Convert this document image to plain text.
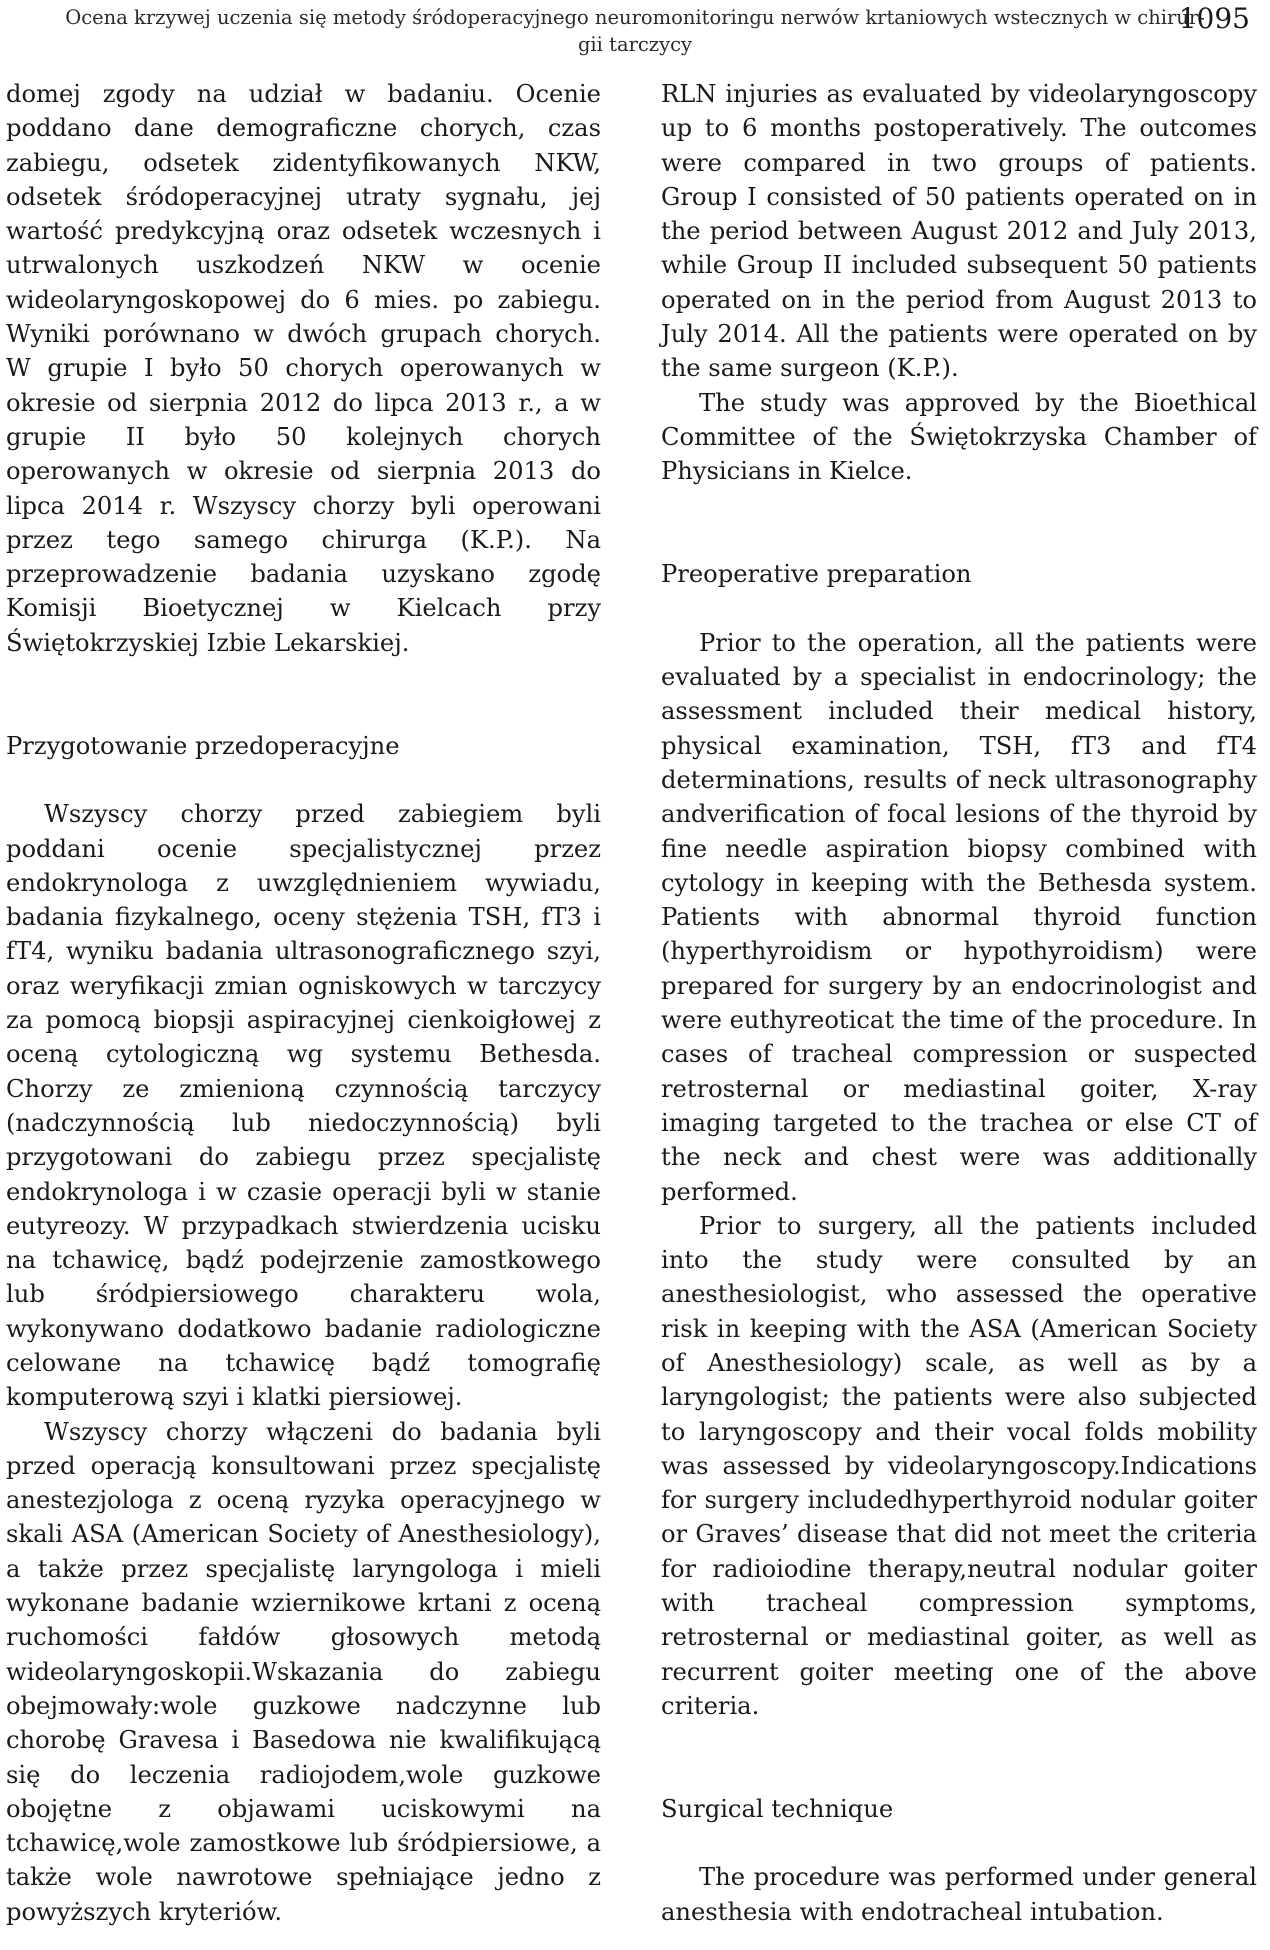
Ocena krzywej uczenia się metody śródoperacyjnego neuromonitoringu nerwów krtaniowych wstecznych w chirur-
gii tarczycy
1095

domej zgody na udział w badaniu. Ocenie poddano dane demograficzne chorych, czas zabiegu, odsetek zidentyfikowanych NKW, odsetek śródoperacyjnej utraty sygnału, jej wartość predykcyjną oraz odsetek wczesnych i utrwalonych uszkodzeń NKW w ocenie wideolaryngoskopowej do 6 mies. po zabiegu. Wyniki porównano w dwóch grupach chorych. W grupie I było 50 chorych operowanych w okresie od sierpnia 2012 do lipca 2013 r., a w grupie II było 50 kolejnych chorych operowanych w okresie od sierpnia 2013 do lipca 2014 r. Wszyscy chorzy byli operowani przez tego samego chirurga (K.P.). Na przeprowadzenie badania uzyskano zgodę Komisji Bioetycznej w Kielcach przy Świętokrzyskiej Izbie Lekarskiej.

Przygotowanie przedoperacyjne

Wszyscy chorzy przed zabiegiem byli poddani ocenie specjalistycznej przez endokrynologa z uwzględnieniem wywiadu, badania fizykalnego, oceny stężenia TSH, fT3 i fT4, wyniku badania ultrasonograficznego szyi, oraz weryfikacji zmian ogniskowych w tarczycy za pomocą biopsji aspiracyjnej cienkoigłowej z oceną cytologiczną wg systemu Bethesda. Chorzy ze zmienioną czynnością tarczycy (nadczynnością lub niedoczynnością) byli przygotowani do zabiegu przez specjalistę endokrynologa i w czasie operacji byli w stanie eutyreozy. W przypadkach stwierdzenia ucisku na tchawicę, bądź podejrzenie zamostkowego lub śródpiersiowego charakteru wola, wykonywano dodatkowo badanie radiologiczne celowane na tchawicę bądź tomografię komputerową szyi i klatki piersiowej.

Wszyscy chorzy włączeni do badania byli przed operacją konsultowani przez specjalistę anestezjologa z oceną ryzyka operacyjnego w skali ASA (American Society of Anesthesiology), a także przez specjalistę laryngologa i mieli wykonane badanie wziernikowe krtani z oceną ruchomości fałdów głosowych metodą wideolaryngoskopii.Wskazania do zabiegu obejmowały:wole guzkowe nadczynne lub chorobę Gravesa i Basedowa nie kwalifikującą się do leczenia radiojodem,wole guzkowe obojętne z objawami uciskowymi na tchawicę,wole zamostkowe lub śródpiersiowe, a także wole nawrotowe spełniające jedno z powyższych kryteriów.

RLN injuries as evaluated by videolaryngoscopy up to 6 months postoperatively. The outcomes were compared in two groups of patients. Group I consisted of 50 patients operated on in the period between August 2012 and July 2013, while Group II included subsequent 50 patients operated on in the period from August 2013 to July 2014. All the patients were operated on by the same surgeon (K.P.).

The study was approved by the Bioethical Committee of the Świętokrzyska Chamber of Physicians in Kielce.

Preoperative preparation

Prior to the operation, all the patients were evaluated by a specialist in endocrinology; the assessment included their medical history, physical examination, TSH, fT3 and fT4 determinations, results of neck ultrasonography andverification of focal lesions of the thyroid by fine needle aspiration biopsy combined with cytology in keeping with the Bethesda system. Patients with abnormal thyroid function (hyperthyroidism or hypothyroidism) were prepared for surgery by an endocrinologist and were euthyreoticat the time of the procedure. In cases of tracheal compression or suspected retrosternal or mediastinal goiter, X-ray imaging targeted to the trachea or else CT of the neck and chest were was additionally performed.

Prior to surgery, all the patients included into the study were consulted by an anesthesiologist, who assessed the operative risk in keeping with the ASA (American Society of Anesthesiology) scale, as well as by a laryngologist; the patients were also subjected to laryngoscopy and their vocal folds mobility was assessed by videolaryngoscopy.Indications for surgery includedhyperthyroid nodular goiter or Graves’ disease that did not meet the criteria for radioiodine therapy,neutral nodular goiter with tracheal compression symptoms, retrosternal or mediastinal goiter, as well as recurrent goiter meeting one of the above criteria.

Surgical technique

The procedure was performed under general anesthesia with endotracheal intubation.
